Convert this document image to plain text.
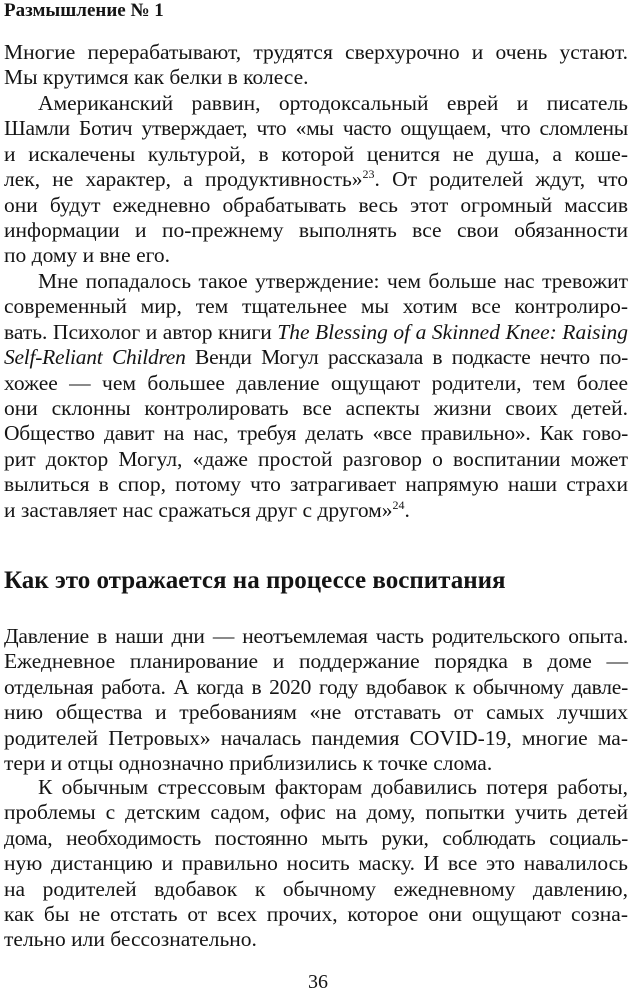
Размышление № 1
Многие перерабатывают, трудятся сверхурочно и очень устают.
Мы крутимся как белки в колесе.
Американский раввин, ортодоксальный еврей и писатель
Шамли Ботич утверждает, что «мы часто ощущаем, что сломлены
и искалечены культурой, в которой ценится не душа, а коше-
лек, не характер, а продуктивность»$^{23}$. От родителей ждут, что
они будут ежедневно обрабатывать весь этот огромный массив
информации и по-прежнему выполнять все свои обязанности
по дому и вне его.
Мне попадалось такое утверждение: чем больше нас тревожит
современный мир, тем тщательнее мы хотим все контролиро-
вать. Психолог и автор книги The Blessing of a Skinned Knee: Raising
Self-Reliant Children Венди Могул рассказала в подкасте нечто по-
хожее — чем большее давление ощущают родители, тем более
они склонны контролировать все аспекты жизни своих детей.
Общество давит на нас, требуя делать «все правильно». Как гово-
рит доктор Могул, «даже простой разговор о воспитании может
вылиться в спор, потому что затрагивает напрямую наши страхи
и заставляет нас сражаться друг с другом»$^{24}$.
Как это отражается на процессе воспитания
Давление в наши дни — неотъемлемая часть родительского опыта.
Ежедневное планирование и поддержание порядка в доме —
отдельная работа. А когда в 2020 году вдобавок к обычному давле-
нию общества и требованиям «не отставать от самых лучших
родителей Петровых» началась пандемия COVID-19, многие ма-
тери и отцы однозначно приблизились к точке слома.
К обычным стрессовым факторам добавились потеря работы,
проблемы с детским садом, офис на дому, попытки учить детей
дома, необходимость постоянно мыть руки, соблюдать социаль-
ную дистанцию и правильно носить маску. И все это навалилось
на родителей вдобавок к обычному ежедневному давлению,
как бы не отстать от всех прочих, которое они ощущают созна-
тельно или бессознательно.
36
